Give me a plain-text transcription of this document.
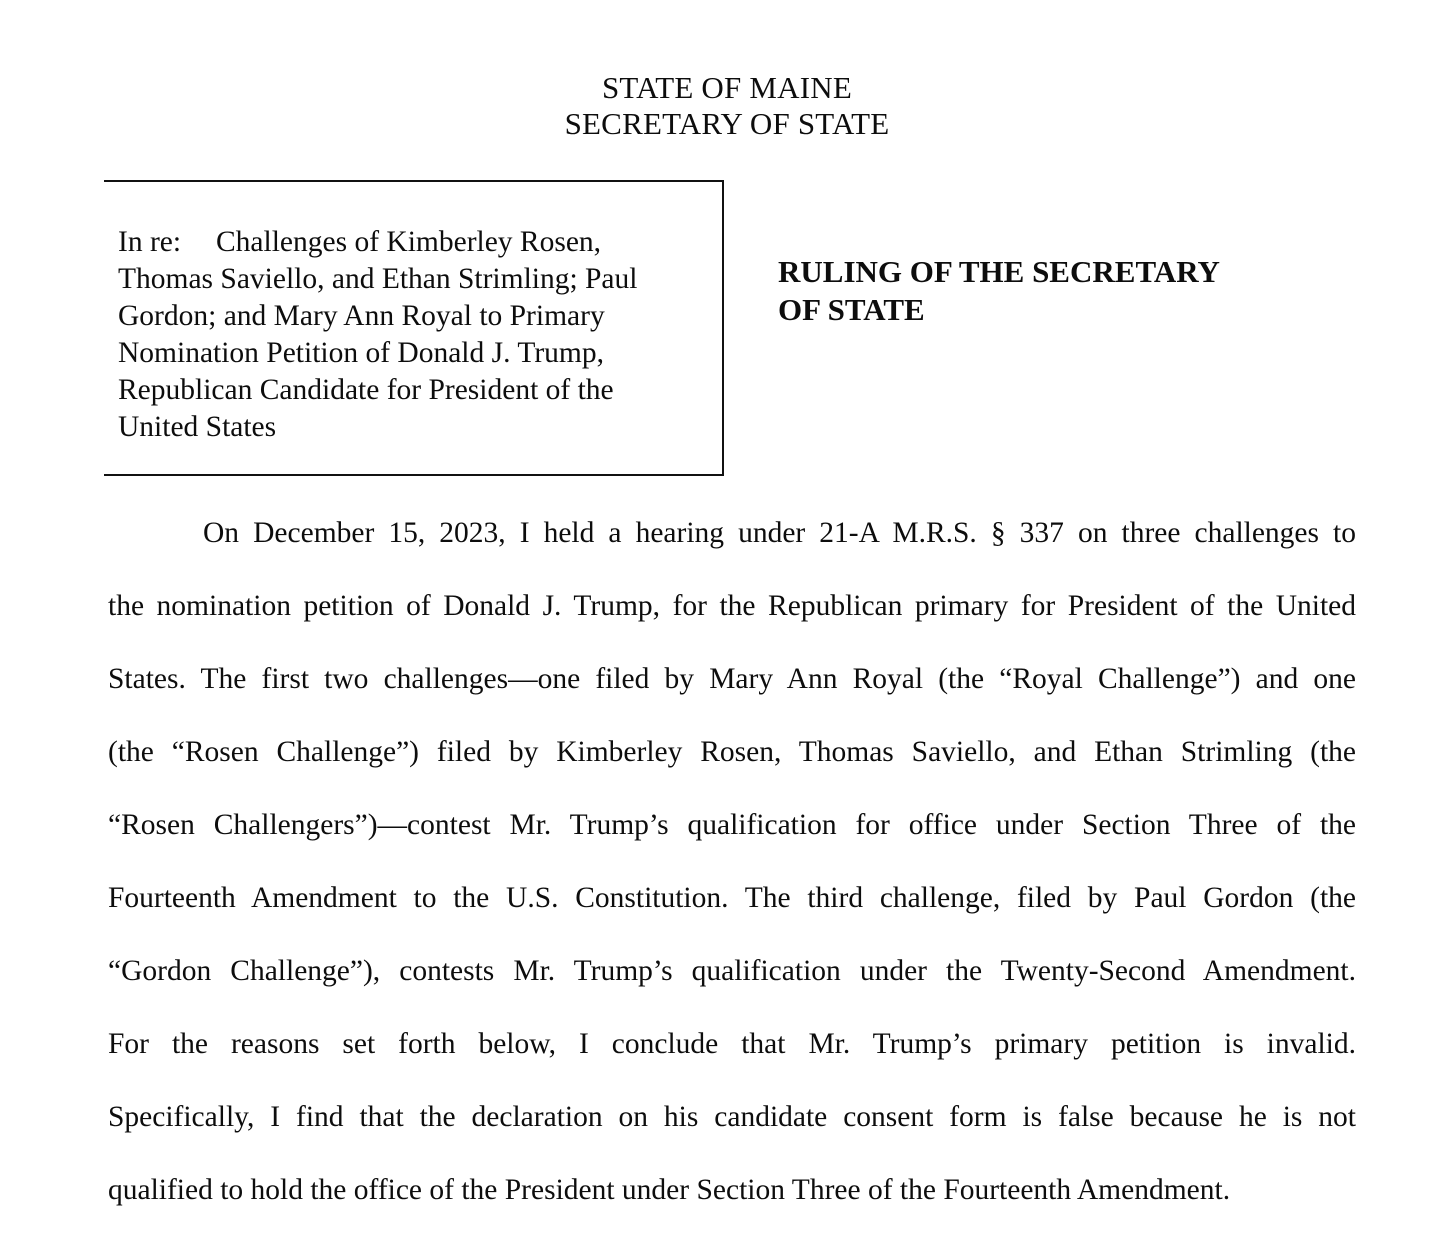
STATE OF MAINE
SECRETARY OF STATE
In re: Challenges of Kimberley Rosen,
Thomas Saviello, and Ethan Strimling; Paul
Gordon; and Mary Ann Royal to Primary
Nomination Petition of Donald J. Trump,
Republican Candidate for President of the
United States
RULING OF THE SECRETARY
OF STATE
On December 15, 2023, I held a hearing under 21-A M.R.S. § 337 on three challenges to
the nomination petition of Donald J. Trump, for the Republican primary for President of the United
States. The first two challenges—one filed by Mary Ann Royal (the “Royal Challenge”) and one
(the “Rosen Challenge”) filed by Kimberley Rosen, Thomas Saviello, and Ethan Strimling (the
“Rosen Challengers”)—contest Mr. Trump’s qualification for office under Section Three of the
Fourteenth Amendment to the U.S. Constitution. The third challenge, filed by Paul Gordon (the
“Gordon Challenge”), contests Mr. Trump’s qualification under the Twenty-Second Amendment.
For the reasons set forth below, I conclude that Mr. Trump’s primary petition is invalid.
Specifically, I find that the declaration on his candidate consent form is false because he is not
qualified to hold the office of the President under Section Three of the Fourteenth Amendment.
